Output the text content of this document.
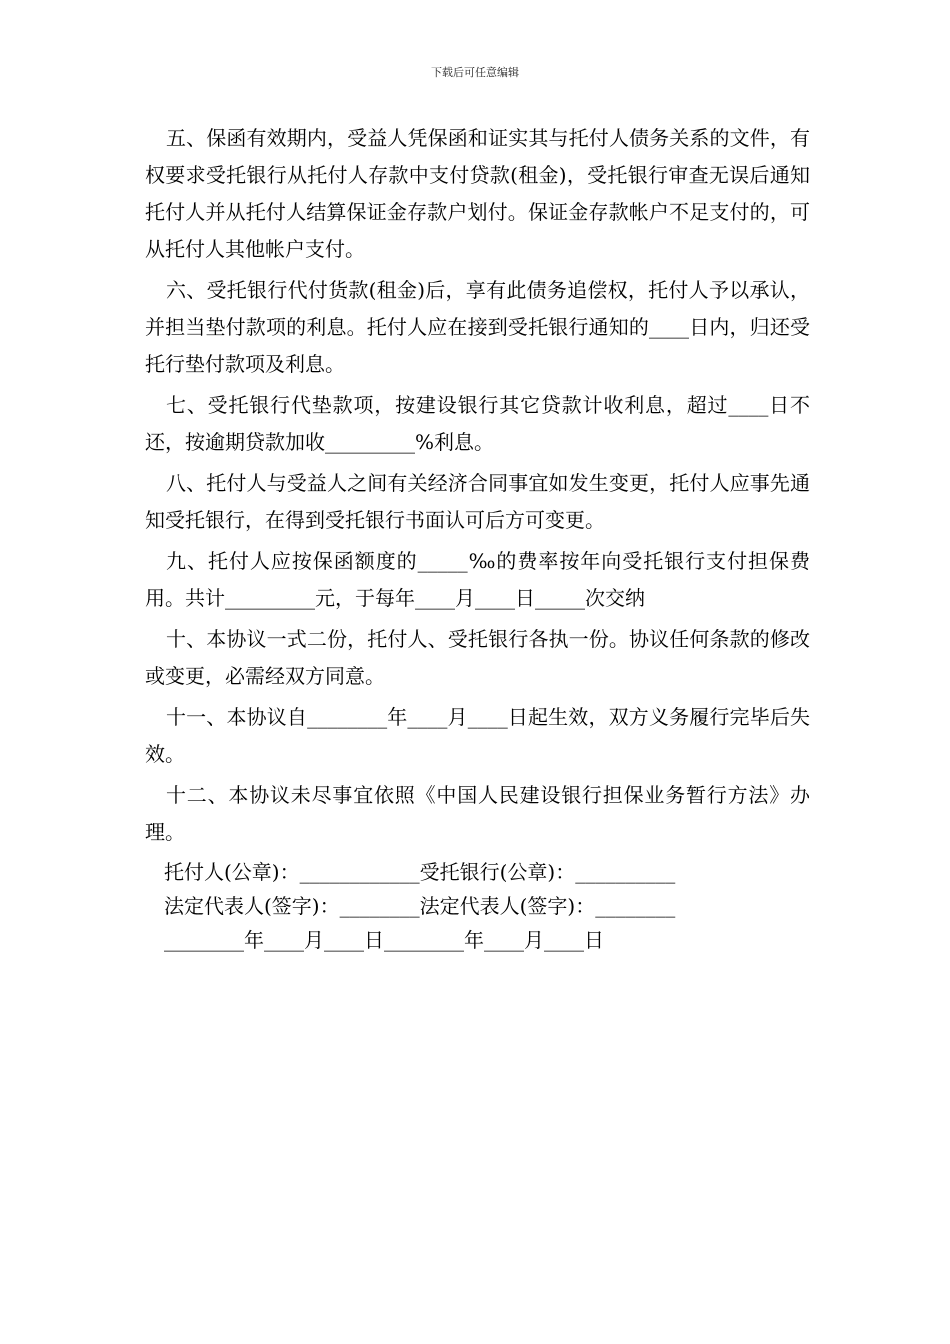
下载后可任意编辑

五、保函有效期内，受益人凭保函和证实其与托付人债务关系的文件，有权要求受托银行从托付人存款中支付贷款(租金)，受托银行审查无误后通知托付人并从托付人结算保证金存款户划付。保证金存款帐户不足支付的，可从托付人其他帐户支付。

六、受托银行代付货款(租金)后，享有此债务追偿权，托付人予以承认，并担当垫付款项的利息。托付人应在接到受托银行通知的____日内，归还受托行垫付款项及利息。

七、受托银行代垫款项，按建设银行其它贷款计收利息，超过____日不还，按逾期贷款加收_________%利息。

八、托付人与受益人之间有关经济合同事宜如发生变更，托付人应事先通知受托银行，在得到受托银行书面认可后方可变更。

九、托付人应按保函额度的_____‰的费率按年向受托银行支付担保费用。共计_________元，于每年____月____日_____次交纳

十、本协议一式二份，托付人、受托银行各执一份。协议任何条款的修改或变更，必需经双方同意。

十一、本协议自________年____月____日起生效，双方义务履行完毕后失效。

十二、本协议未尽事宜依照《中国人民建设银行担保业务暂行方法》办理。

托付人(公章)：____________受托银行(公章)：__________

法定代表人(签字)：________法定代表人(签字)：________

________年____月____日________年____月____日
